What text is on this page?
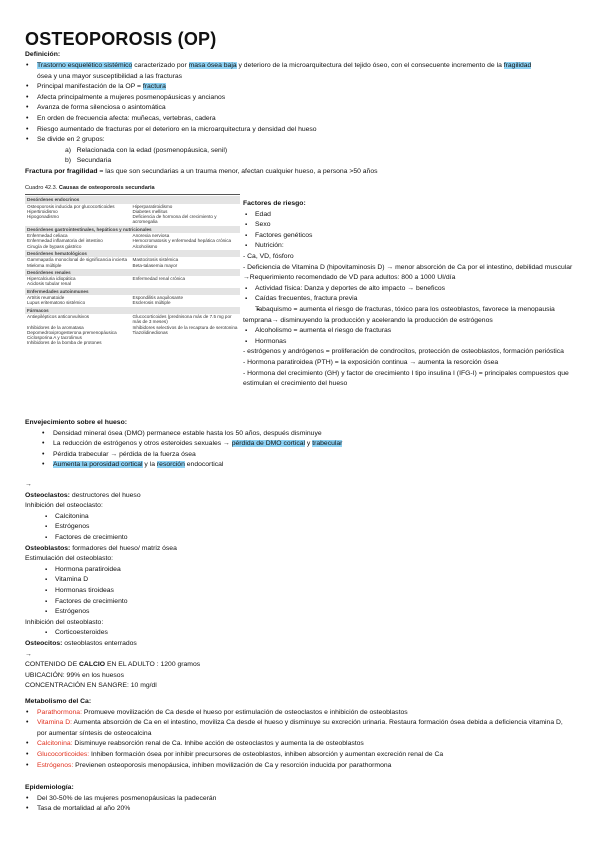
OSTEOPOROSIS (OP)
Definición:
• Trastorno esquelético sistémico caracterizado por masa ósea baja y deterioro de la microarquitectura del tejido óseo, con el consecuente incremento de la fragilidad
ósea y una mayor susceptibilidad a las fracturas
• Principal manifestación de la OP = fractura
• Afecta principalmente a mujeres posmenopáusicas y ancianos
• Avanza de forma silenciosa o asintomática
• En orden de frecuencia afecta: muñecas, vertebras, cadera
• Riesgo aumentado de fracturas por el deterioro en la microarquitectura y densidad del hueso
• Se divide en 2 grupos:
a) Relacionada con la edad (posmenopáusica, senil)
b) Secundaria
Fractura por fragilidad = las que son secundarias a un trauma menor, afectan cualquier hueso, a persona >50 años
Cuadro 42.3. Causas de osteoporosis secundaria
Desórdenes endocrinos
Osteoporosis inducida por glucocorticoides	Hiperparatiroidismo
Hipertiroidismo	Diabetes mellitus
Hipogonadismo	Deficiencia de hormona del crecimiento y acromegalia
Desórdenes gastrointestinales, hepáticos y nutricionales
Enfermedad celiaca	Anorexia nerviosa
Enfermedad inflamatoria del intestino	Hemocromatosis y enfermedad hepática crónica
Cirugía de bypass gástrico	Alcoholismo
Desórdenes hematológicos
Gammapatía monoclonal de significancia incierta	Mastocitosis sistémica
Mieloma múltiple	Beta-talasemia mayor
Desórdenes renales
Hipercalciuria idiopática	Enfermedad renal crónica
Acidosis tubular renal
Enfermedades autoinmunes
Artritis reumatoide	Espondilitis anquilosante
Lupus eritematoso sistémico	Esclerosis múltiple
Fármacos
Antiepilépticos anticonvulsivos	Glucocorticoides (prednisona más de 7.5 mg por más de 3 meses)
Inhibidores de la aromatasa	Inhibidores selectivos de la recaptura de serotonina
Depomedroxiprogesterona premenopáusica	Tiazolidinedionas
Ciclosporina A y tacrolimus
Inhibidores de la bomba de protones
Factores de riesgo:
▪ Edad
▪ Sexo
▪ Factores genéticos
▪ Nutrición:
- Ca, VD, fósforo
- Deficiencia de Vitamina D (hipovitaminosis D) → menor absorción de Ca por el intestino, debilidad muscular
→Requerimiento recomendado de VD para adultos: 800 a 1000 UI/día
▪ Actividad física: Danza y deportes de alto impacto → beneficos
▪ Caídas frecuentes, fractura previa
▪ Tabaquismo = aumenta el riesgo de fracturas, tóxico para los osteoblastos, favorece la menopausia temprana→ disminuyendo la producción y acelerando la producción de estrógenos
▪ Alcoholismo = aumenta el riesgo de fracturas
▪ Hormonas
- estrógenos y andrógenos = proliferación de condrocitos, protección de osteoblastos, formación perióstica
- Hormona paratiroidea (PTH) = la exposición continua → aumenta la resorción ósea
- Hormona del crecimiento (GH) y factor de crecimiento I tipo insulina I (IFG-I) = principales compuestos que estimulan el crecimiento del hueso
Envejecimiento sobre el hueso:
• Densidad mineral ósea (DMO) permanece estable hasta los 50 años, después disminuye
• La reducción de estrógenos y otros esteroides sexuales → pérdida de DMO cortical y trabecular
• Pérdida trabecular → pérdida de la fuerza ósea
• Aumenta la porosidad cortical y la resorción endocortical
→
Osteoclastos: destructores del hueso
Inhibición del osteoclasto:
▪ Calcitonina
▪ Estrógenos
▪ Factores de crecimiento
Osteoblastos: formadores del hueso/ matriz ósea
Estimulación del osteoblasto:
▪ Hormona paratiroidea
▪ Vitamina D
▪ Hormonas tiroideas
▪ Factores de crecimiento
▪ Estrógenos
Inhibición del osteoblasto:
▪ Corticoesteroides
Osteocitos: osteoblastos enterrados
→
CONTENIDO DE CALCIO EN EL ADULTO : 1200 gramos
UBICACIÓN: 99% en los huesos
CONCENTRACIÓN EN SANGRE: 10 mg/dl
Metabolismo del Ca:
• Parathormona: Promueve movilización de Ca desde el hueso por estimulación de osteoclastos e inhibición de osteoblastos
• Vitamina D: Aumenta absorción de Ca en el intestino, moviliza Ca desde el hueso y disminuye su excreción urinaria. Restaura formación ósea debida a deficiencia vitamina D, por aumentar síntesis de osteocalcina
• Calcitonina: Disminuye reabsorción renal de Ca. Inhibe acción de osteoclastos y aumenta la de osteoblastos
• Glucocorticoides: Inhiben formación ósea por inhibir precursores de osteoblastos, inhiben absorción y aumentan excreción renal de Ca
• Estrógenos: Previenen osteoporosis menopáusica, inhiben movilización de Ca y resorción inducida por parathormona
Epidemiología:
• Del 30-50% de las mujeres posmenopáusicas la padecerán
• Tasa de mortalidad al año 20%
